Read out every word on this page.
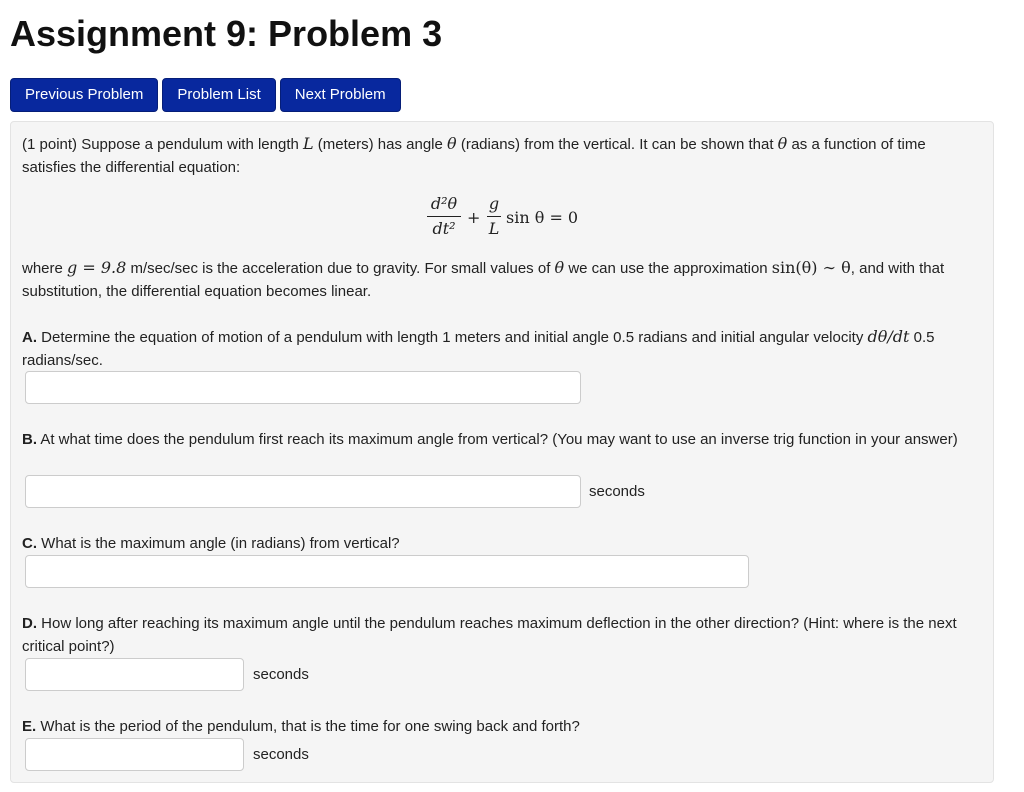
Assignment 9: Problem 3
Previous Problem	Problem List	Next Problem

(1 point) Suppose a pendulum with length L (meters) has angle θ (radians) from the vertical. It can be shown that θ as a function of time satisfies the differential equation:

d²θ
dt²
+
g
L
sin θ = 0

where g = 9.8 m/sec/sec is the acceleration due to gravity. For small values of θ we can use the approximation sin(θ) ∼ θ, and with that substitution, the differential equation becomes linear.

A. Determine the equation of motion of a pendulum with length 1 meters and initial angle 0.5 radians and initial angular velocity dθ/dt 0.5 radians/sec.

B. At what time does the pendulum first reach its maximum angle from vertical? (You may want to use an inverse trig function in your answer)

seconds

C. What is the maximum angle (in radians) from vertical?

D. How long after reaching its maximum angle until the pendulum reaches maximum deflection in the other direction? (Hint: where is the next critical point?)

seconds

E. What is the period of the pendulum, that is the time for one swing back and forth?

seconds
